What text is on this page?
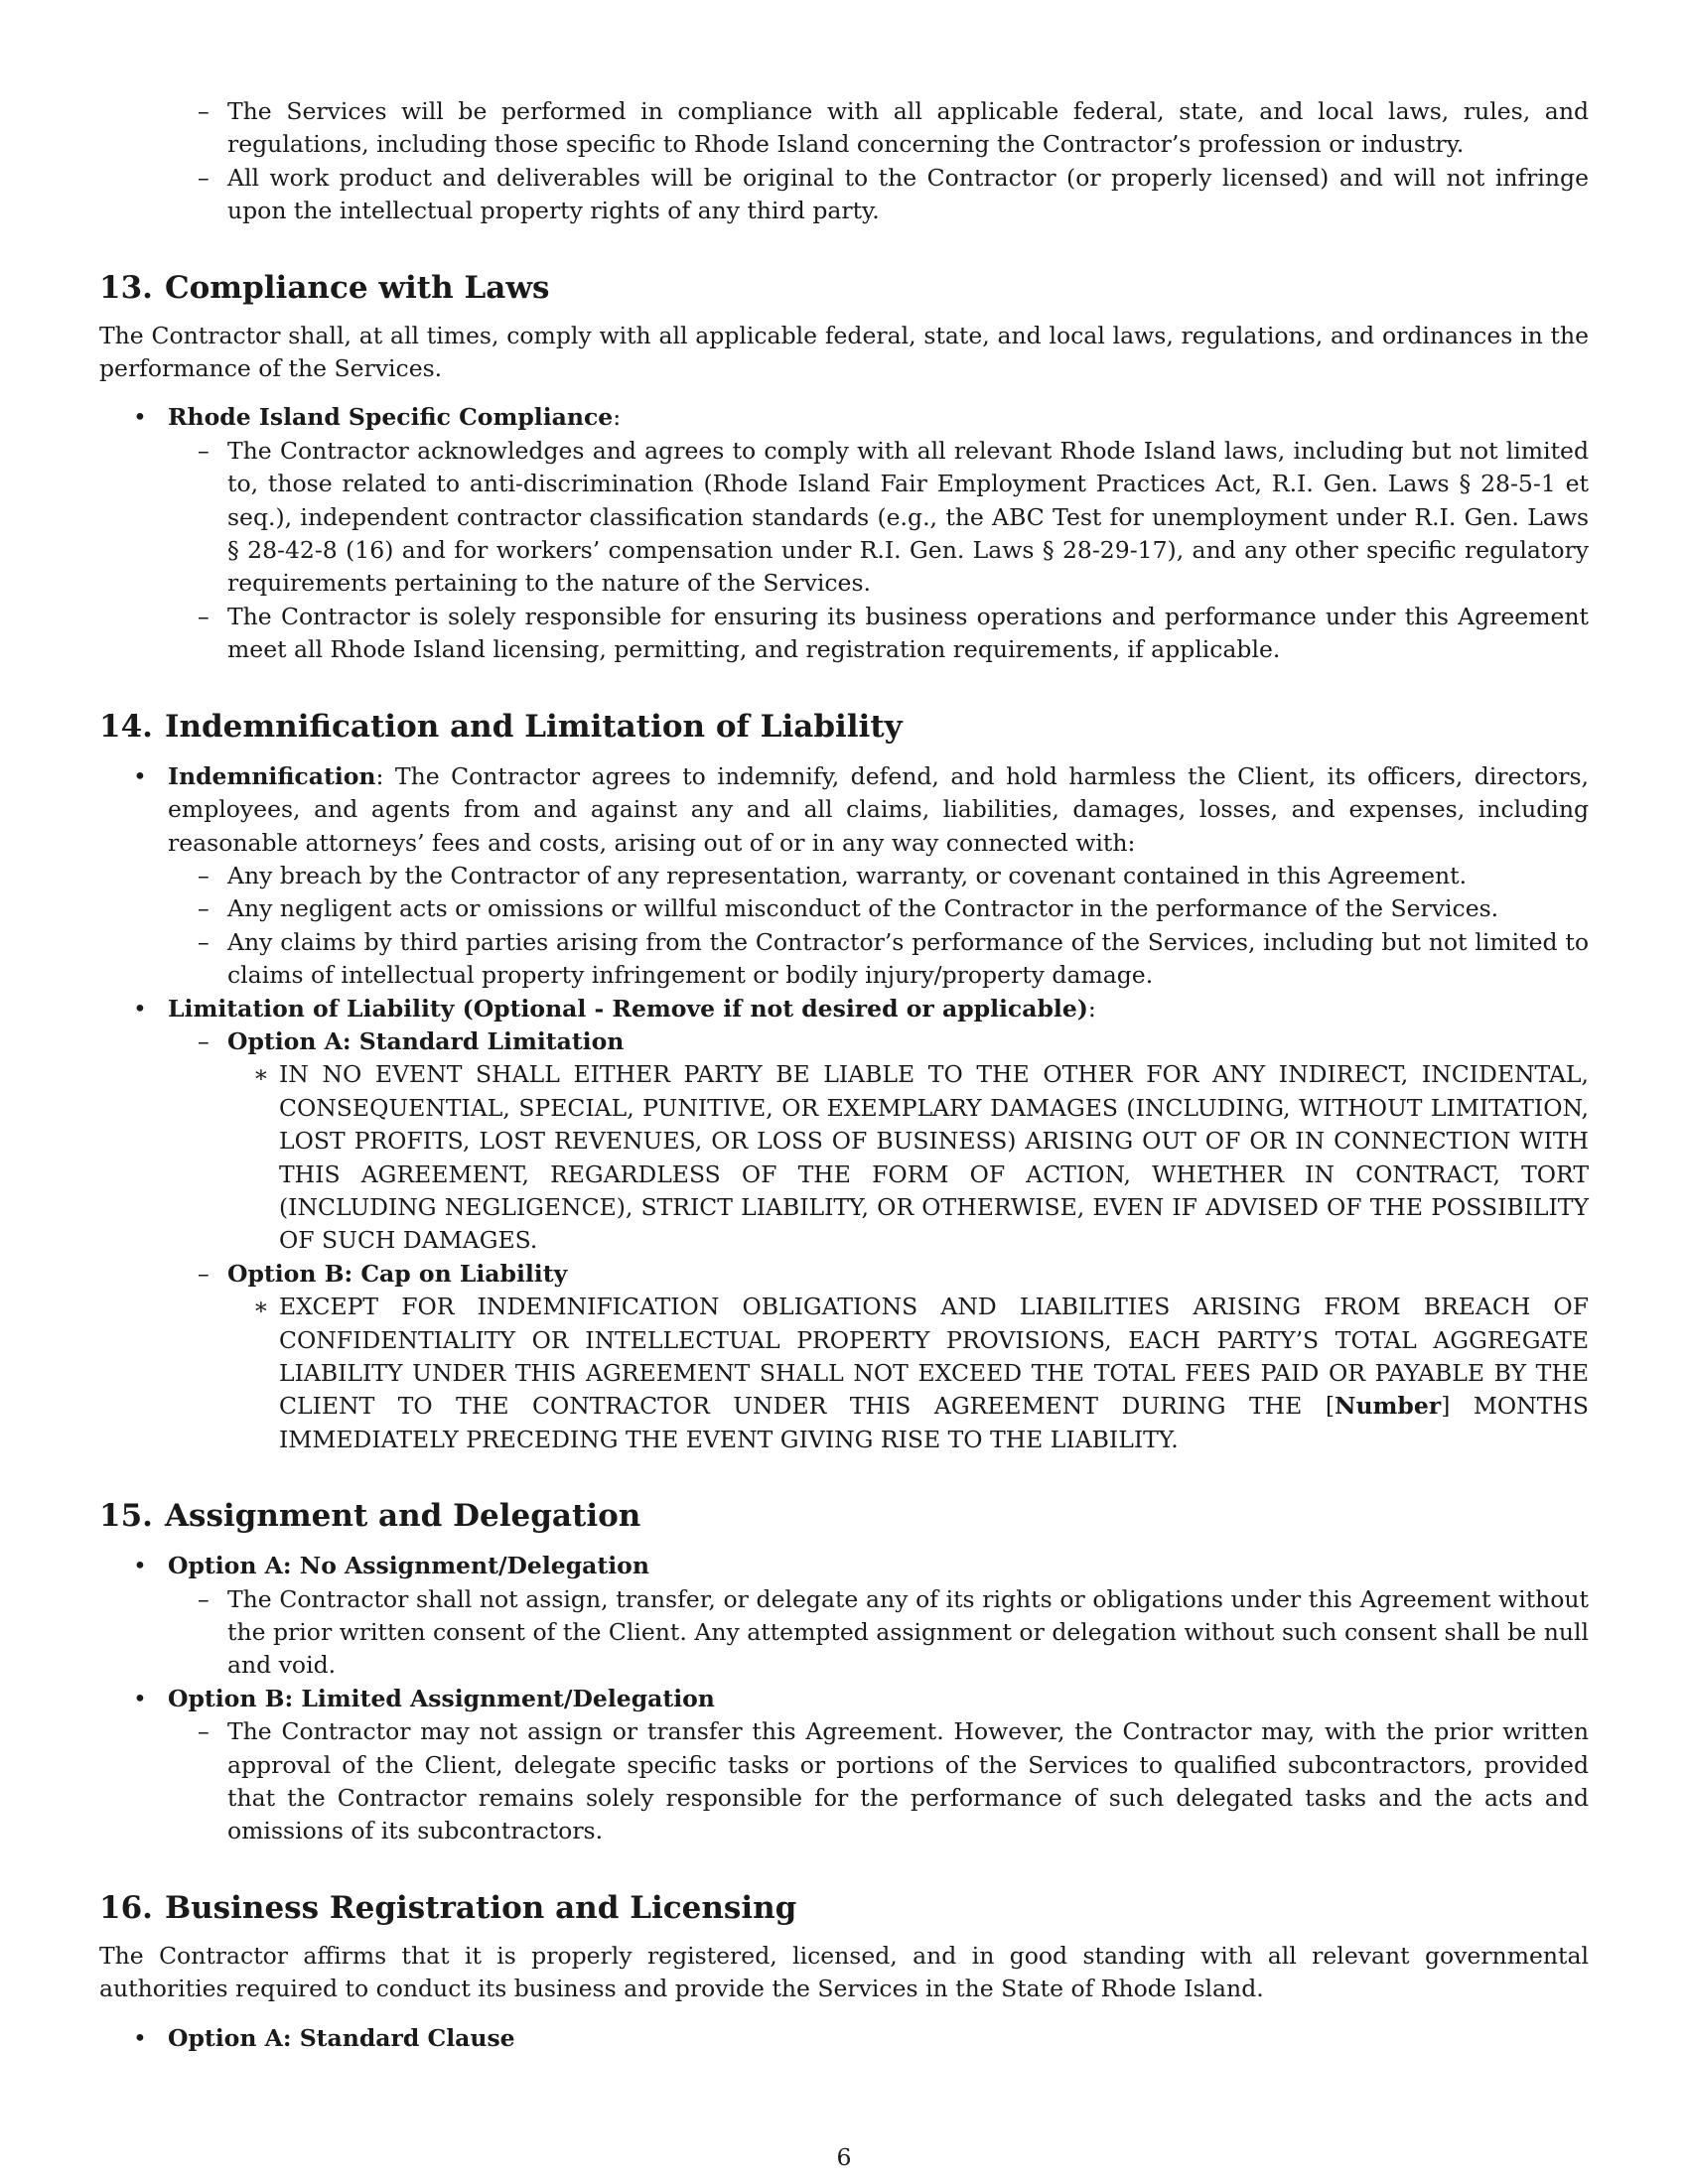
– The Services will be performed in compliance with all applicable federal, state, and local laws, rules, and regulations, including those specific to Rhode Island concerning the Contractor’s profession or industry.
– All work product and deliverables will be original to the Contractor (or properly licensed) and will not infringe upon the intellectual property rights of any third party.
13. Compliance with Laws

The Contractor shall, at all times, comply with all applicable federal, state, and local laws, regulations, and ordinances in the performance of the Services.

• Rhode Island Specific Compliance:
– The Contractor acknowledges and agrees to comply with all relevant Rhode Island laws, including but not limited to, those related to anti-discrimination (Rhode Island Fair Employment Practices Act, R.I. Gen. Laws § 28-5-1 et seq.), independent contractor classification standards (e.g., the ABC Test for unemployment under R.I. Gen. Laws § 28-42-8 (16) and for workers’ compensation under R.I. Gen. Laws § 28-29-17), and any other specific regulatory requirements pertaining to the nature of the Services.
– The Contractor is solely responsible for ensuring its business operations and performance under this Agreement meet all Rhode Island licensing, permitting, and registration requirements, if applicable.
14. Indemnification and Limitation of Liability
• Indemnification: The Contractor agrees to indemnify, defend, and hold harmless the Client, its officers, directors, employees, and agents from and against any and all claims, liabilities, damages, losses, and expenses, including reasonable attorneys’ fees and costs, arising out of or in any way connected with:
– Any breach by the Contractor of any representation, warranty, or covenant contained in this Agreement.
– Any negligent acts or omissions or willful misconduct of the Contractor in the performance of the Services.
– Any claims by third parties arising from the Contractor’s performance of the Services, including but not limited to claims of intellectual property infringement or bodily injury/property damage.
• Limitation of Liability (Optional - Remove if not desired or applicable):
– Option A: Standard Limitation
∗ IN NO EVENT SHALL EITHER PARTY BE LIABLE TO THE OTHER FOR ANY INDIRECT, INCIDENTAL, CONSEQUENTIAL, SPECIAL, PUNITIVE, OR EXEMPLARY DAMAGES (INCLUDING, WITHOUT LIMITATION, LOST PROFITS, LOST REVENUES, OR LOSS OF BUSINESS) ARISING OUT OF OR IN CONNECTION WITH THIS AGREEMENT, REGARDLESS OF THE FORM OF ACTION, WHETHER IN CONTRACT, TORT (INCLUDING NEGLIGENCE), STRICT LIABILITY, OR OTHERWISE, EVEN IF ADVISED OF THE POSSIBILITY OF SUCH DAMAGES.
– Option B: Cap on Liability
∗ EXCEPT FOR INDEMNIFICATION OBLIGATIONS AND LIABILITIES ARISING FROM BREACH OF CONFIDENTIALITY OR INTELLECTUAL PROPERTY PROVISIONS, EACH PARTY’S TOTAL AGGREGATE LIABILITY UNDER THIS AGREEMENT SHALL NOT EXCEED THE TOTAL FEES PAID OR PAYABLE BY THE CLIENT TO THE CONTRACTOR UNDER THIS AGREEMENT DURING THE [Number] MONTHS IMMEDIATELY PRECEDING THE EVENT GIVING RISE TO THE LIABILITY.
15. Assignment and Delegation
• Option A: No Assignment/Delegation
– The Contractor shall not assign, transfer, or delegate any of its rights or obligations under this Agreement without the prior written consent of the Client. Any attempted assignment or delegation without such consent shall be null and void.
• Option B: Limited Assignment/Delegation
– The Contractor may not assign or transfer this Agreement. However, the Contractor may, with the prior written approval of the Client, delegate specific tasks or portions of the Services to qualified subcontractors, provided that the Contractor remains solely responsible for the performance of such delegated tasks and the acts and omissions of its subcontractors.
16. Business Registration and Licensing

The Contractor affirms that it is properly registered, licensed, and in good standing with all relevant governmental authorities required to conduct its business and provide the Services in the State of Rhode Island.

• Option A: Standard Clause
6
